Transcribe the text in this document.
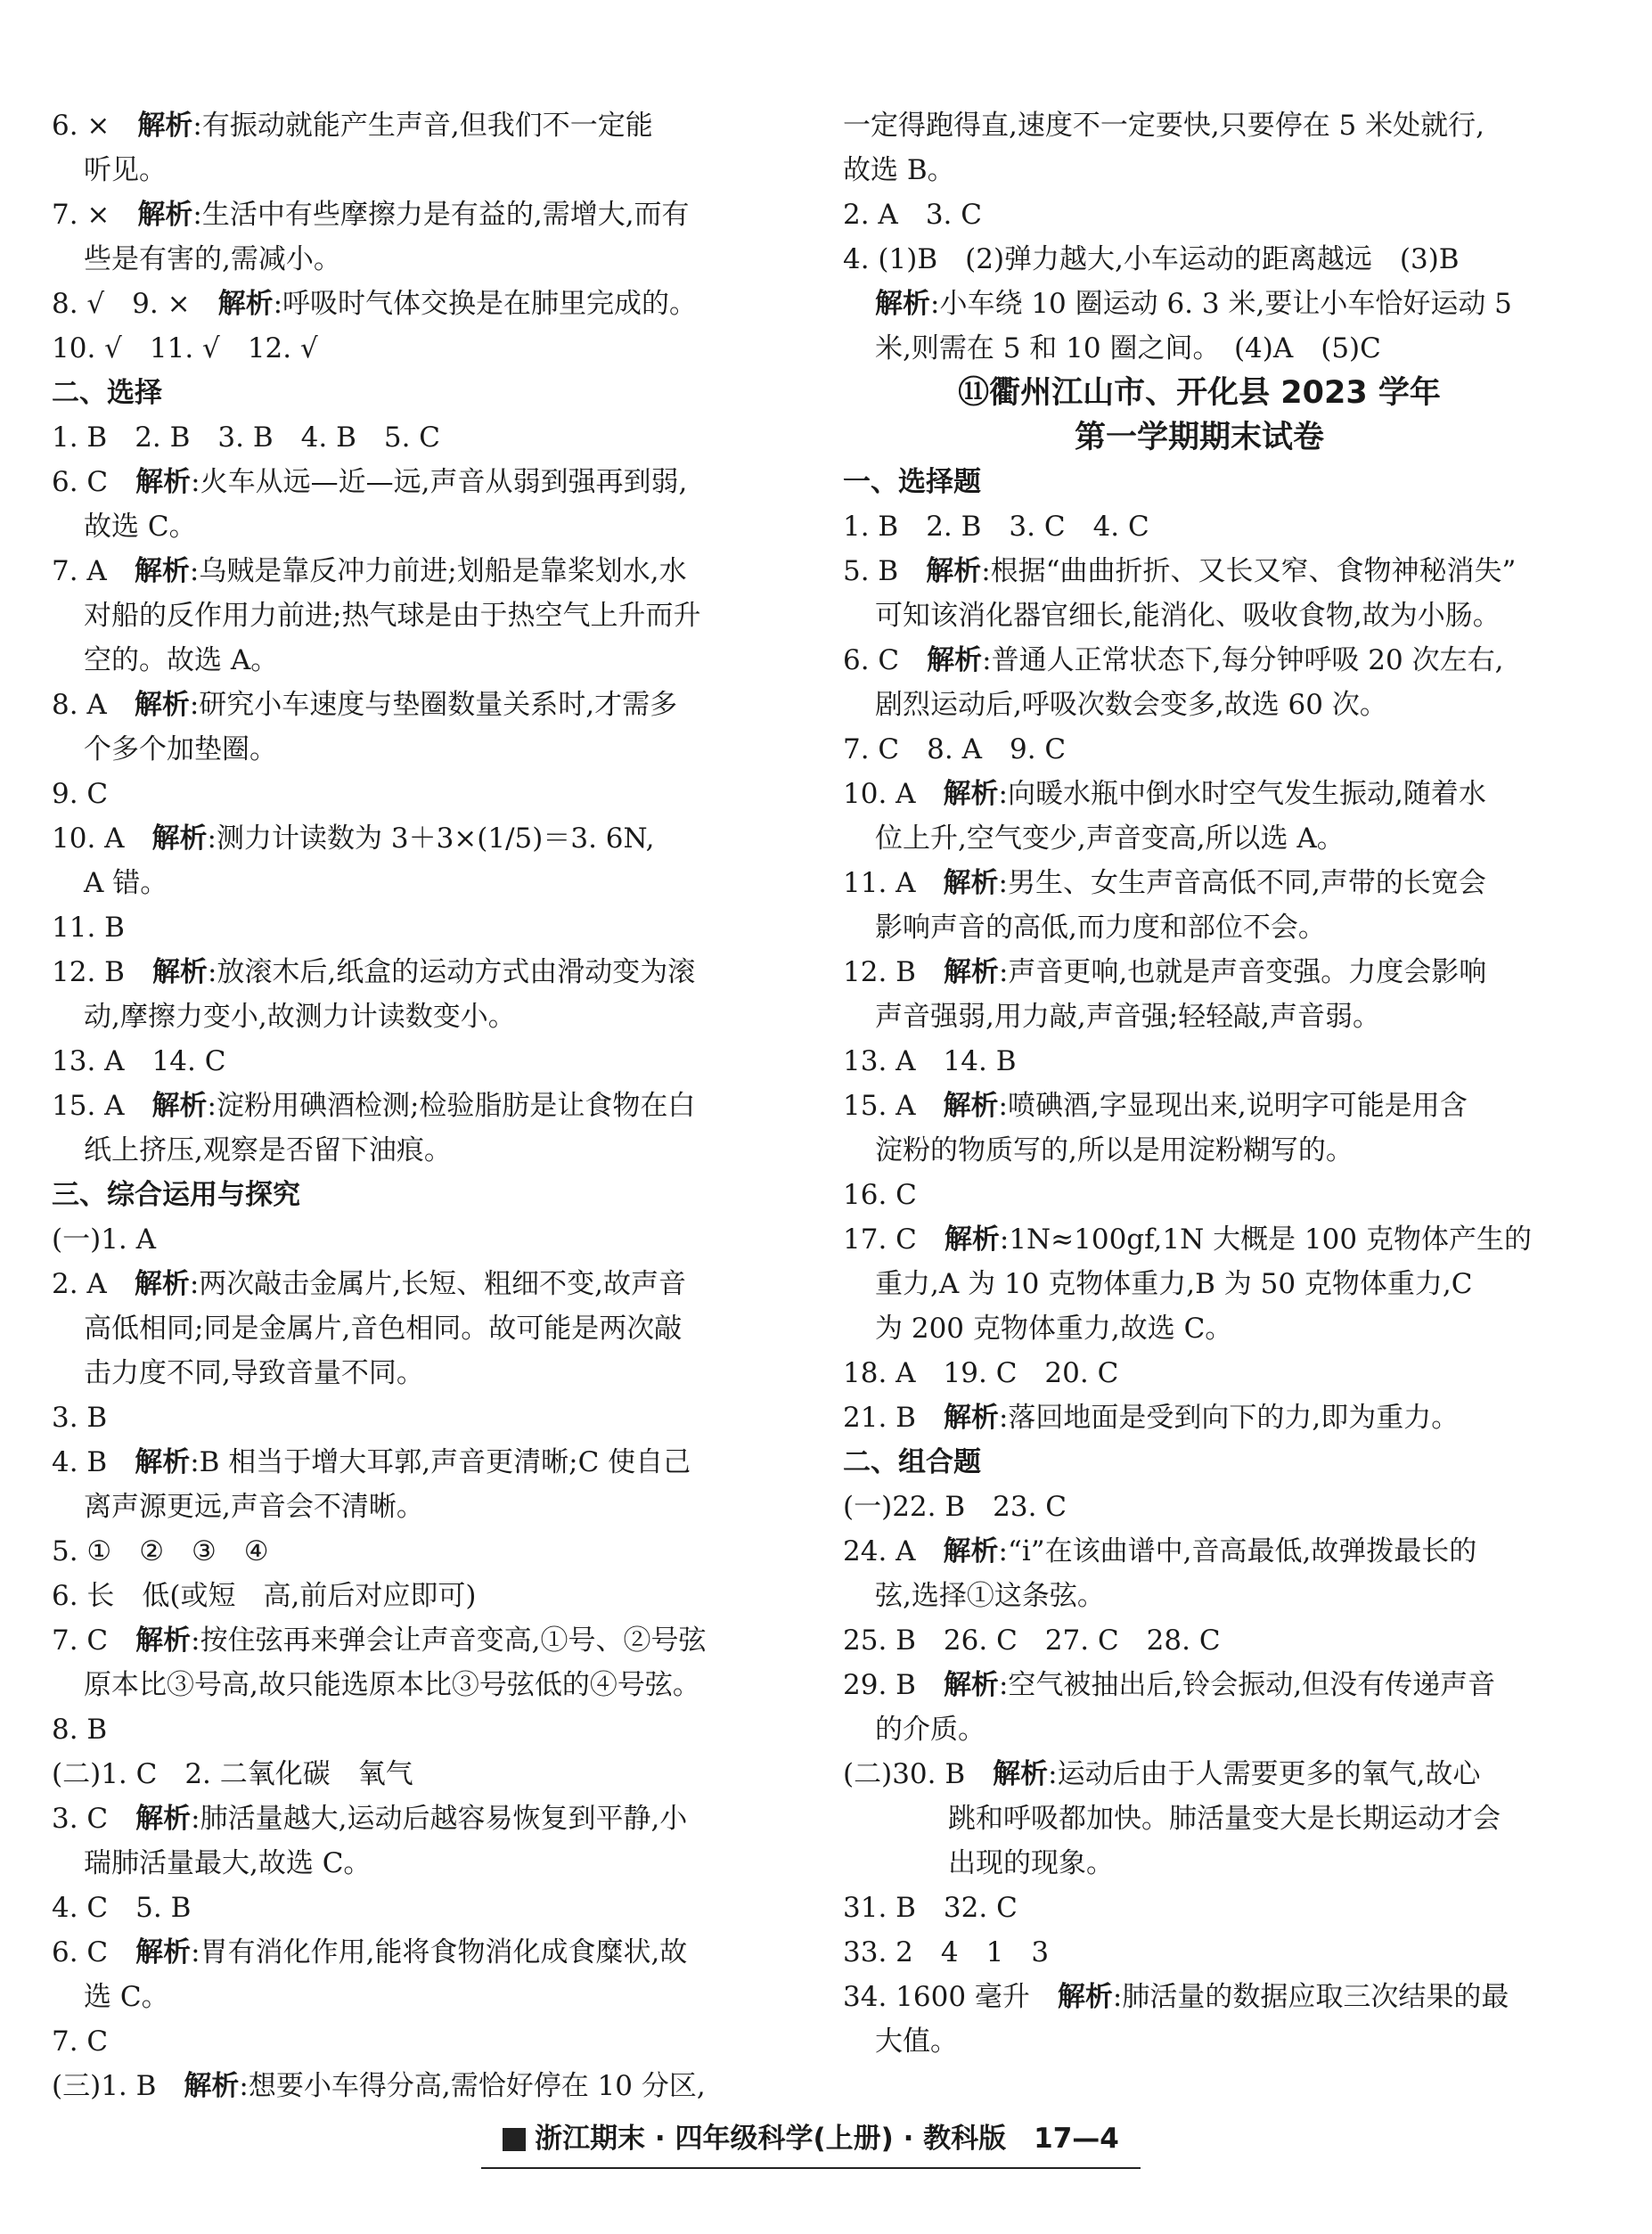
6. ×　解析:有振动就能产生声音,但我们不一定能
听见。
7. ×　解析:生活中有些摩擦力是有益的,需增大,而有
些是有害的,需减小。
8. √　9. ×　解析:呼吸时气体交换是在肺里完成的。
10. √　11. √　12. √
二、选择
1. B　2. B　3. B　4. B　5. C
6. C　解析:火车从远—近—远,声音从弱到强再到弱,
故选 C。
7. A　解析:乌贼是靠反冲力前进;划船是靠桨划水,水
对船的反作用力前进;热气球是由于热空气上升而升
空的。故选 A。
8. A　解析:研究小车速度与垫圈数量关系时,才需多
个多个加垫圈。
9. C
10. A　解析:测力计读数为 3＋3×(1/5)＝3. 6N,
A 错。
11. B
12. B　解析:放滚木后,纸盒的运动方式由滑动变为滚
动,摩擦力变小,故测力计读数变小。
13. A　14. C
15. A　解析:淀粉用碘酒检测;检验脂肪是让食物在白
纸上挤压,观察是否留下油痕。
三、综合运用与探究
(一)1. A
2. A　解析:两次敲击金属片,长短、粗细不变,故声音
高低相同;同是金属片,音色相同。故可能是两次敲
击力度不同,导致音量不同。
3. B
4. B　解析:B 相当于增大耳郭,声音更清晰;C 使自己
离声源更远,声音会不清晰。
5. ①　②　③　④
6. 长　低(或短　高,前后对应即可)
7. C　解析:按住弦再来弹会让声音变高,①号、②号弦
原本比③号高,故只能选原本比③号弦低的④号弦。
8. B
(二)1. C　2. 二氧化碳　氧气
3. C　解析:肺活量越大,运动后越容易恢复到平静,小
瑞肺活量最大,故选 C。
4. C　5. B
6. C　解析:胃有消化作用,能将食物消化成食糜状,故
选 C。
7. C
(三)1. B　解析:想要小车得分高,需恰好停在 10 分区,
一定得跑得直,速度不一定要快,只要停在 5 米处就行,
故选 B。
2. A　3. C
4. (1)B　(2)弹力越大,小车运动的距离越远　(3)B
解析:小车绕 10 圈运动 6. 3 米,要让小车恰好运动 5
米,则需在 5 和 10 圈之间。　(4)A　(5)C
⑪衢州江山市、开化县 2023 学年
第一学期期末试卷
一、选择题
1. B　2. B　3. C　4. C
5. B　解析:根据“曲曲折折、又长又窄、食物神秘消失”
可知该消化器官细长,能消化、吸收食物,故为小肠。
6. C　解析:普通人正常状态下,每分钟呼吸 20 次左右,
剧烈运动后,呼吸次数会变多,故选 60 次。
7. C　8. A　9. C
10. A　解析:向暖水瓶中倒水时空气发生振动,随着水
位上升,空气变少,声音变高,所以选 A。
11. A　解析:男生、女生声音高低不同,声带的长宽会
影响声音的高低,而力度和部位不会。
12. B　解析:声音更响,也就是声音变强。力度会影响
声音强弱,用力敲,声音强;轻轻敲,声音弱。
13. A　14. B
15. A　解析:喷碘酒,字显现出来,说明字可能是用含
淀粉的物质写的,所以是用淀粉糊写的。
16. C
17. C　解析:1N≈100gf,1N 大概是 100 克物体产生的
重力,A 为 10 克物体重力,B 为 50 克物体重力,C
为 200 克物体重力,故选 C。
18. A　19. C　20. C
21. B　解析:落回地面是受到向下的力,即为重力。
二、组合题
(一)22. B　23. C
24. A　解析:“i̇”在该曲谱中,音高最低,故弹拨最长的
弦,选择①这条弦。
25. B　26. C　27. C　28. C
29. B　解析:空气被抽出后,铃会振动,但没有传递声音
的介质。
(二)30. B　解析:运动后由于人需要更多的氧气,故心
跳和呼吸都加快。肺活量变大是长期运动才会
出现的现象。
31. B　32. C
33. 2　4　1　3
34. 1600 毫升　解析:肺活量的数据应取三次结果的最
大值。
浙江期末 · 四年级科学(上册) · 教科版　17—4
